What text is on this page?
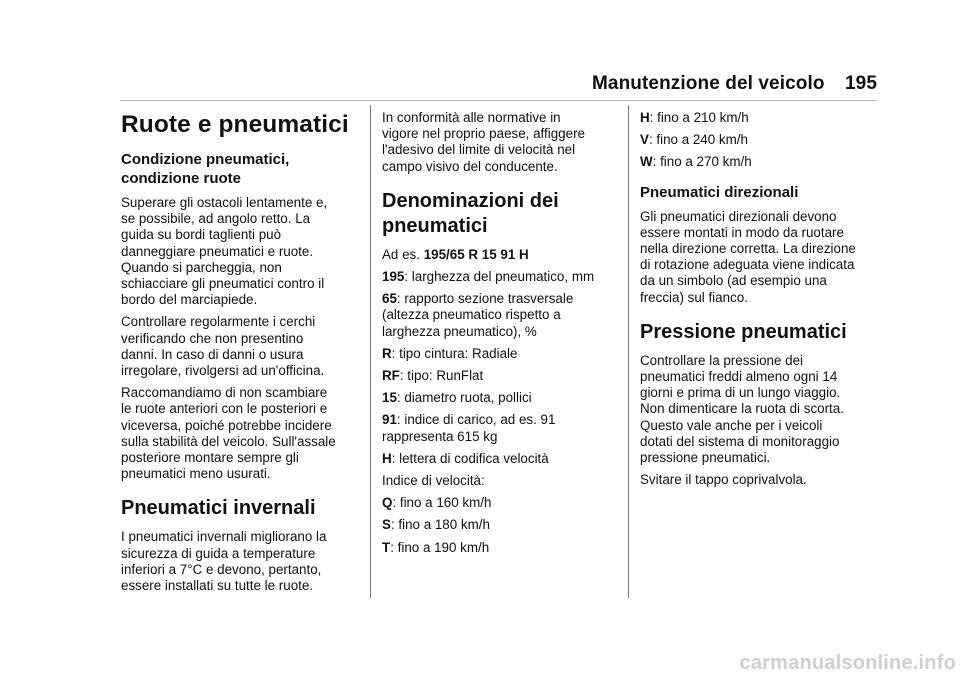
Manutenzione del veicolo 195
Ruote e pneumatici
Condizione pneumatici,
condizione ruote

Superare gli ostacoli lentamente e,
se possibile, ad angolo retto. La
guida su bordi taglienti può
danneggiare pneumatici e ruote.
Quando si parcheggia, non
schiacciare gli pneumatici contro il
bordo del marciapiede.

Controllare regolarmente i cerchi
verificando che non presentino
danni. In caso di danni o usura
irregolare, rivolgersi ad un'officina.

Raccomandiamo di non scambiare
le ruote anteriori con le posteriori e
viceversa, poiché potrebbe incidere
sulla stabilità del veicolo. Sull'assale
posteriore montare sempre gli
pneumatici meno usurati.

Pneumatici invernali

I pneumatici invernali migliorano la
sicurezza di guida a temperature
inferiori a 7°C e devono, pertanto,
essere installati su tutte le ruote.

In conformità alle normative in
vigore nel proprio paese, affiggere
l'adesivo del limite di velocità nel
campo visivo del conducente.

Denominazioni dei
pneumatici

Ad es. 195/65 R 15 91 H

195: larghezza del pneumatico, mm

65: rapporto sezione trasversale
(altezza pneumatico rispetto a
larghezza pneumatico), %

R: tipo cintura: Radiale

RF: tipo: RunFlat

15: diametro ruota, pollici

91: indice di carico, ad es. 91
rappresenta 615 kg

H: lettera di codifica velocità

Indice di velocità:

Q: fino a 160 km/h

S: fino a 180 km/h

T: fino a 190 km/h

H: fino a 210 km/h

V: fino a 240 km/h

W: fino a 270 km/h

Pneumatici direzionali

Gli pneumatici direzionali devono
essere montati in modo da ruotare
nella direzione corretta. La direzione
di rotazione adeguata viene indicata
da un simbolo (ad esempio una
freccia) sul fianco.

Pressione pneumatici

Controllare la pressione dei
pneumatici freddi almeno ogni 14
giorni e prima di un lungo viaggio.
Non dimenticare la ruota di scorta.
Questo vale anche per i veicoli
dotati del sistema di monitoraggio
pressione pneumatici.

Svitare il tappo coprivalvola.

carmanualsonline.info
